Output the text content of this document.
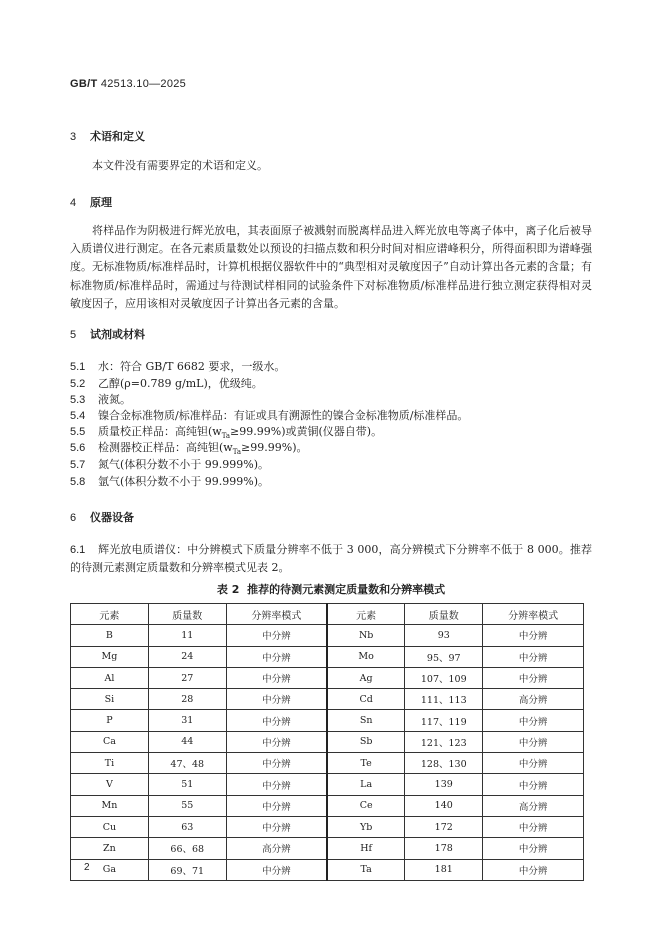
GB/T 42513.10—2025
3 术语和定义
本文件没有需要界定的术语和定义。
4 原理
将样品作为阴极进行辉光放电，其表面原子被溅射而脱离样品进入辉光放电等离子体中，离子化后被导入质谱仪进行测定。在各元素质量数处以预设的扫描点数和积分时间对相应谱峰积分，所得面积即为谱峰强度。无标准物质/标准样品时，计算机根据仪器软件中的“典型相对灵敏度因子”自动计算出各元素的含量；有标准物质/标准样品时，需通过与待测试样相同的试验条件下对标准物质/标准样品进行独立测定获得相对灵敏度因子，应用该相对灵敏度因子计算出各元素的含量。
5 试剂或材料
5.1 水：符合 GB/T 6682 要求，一级水。
5.2 乙醇(ρ=0.789 g/mL)，优级纯。
5.3 液氮。
5.4 镍合金标准物质/标准样品：有证或具有溯源性的镍合金标准物质/标准样品。
5.5 质量校正样品：高纯钽$(w_{Ta}\ge 99.99\%)$或黄铜(仪器自带)。
5.6 检测器校正样品：高纯钽$(w_{Ta}\ge 99.99\%)$。
5.7 氮气(体积分数不小于 99.999%)。
5.8 氩气(体积分数不小于 99.999%)。
6 仪器设备
6.1 辉光放电质谱仪：中分辨模式下质量分辨率不低于 3 000，高分辨模式下分辨率不低于 8 000。推荐的待测元素测定质量数和分辨率模式见表 2。
表 2 推荐的待测元素测定质量数和分辨率模式
元素	质量数	分辨率模式	元素	质量数	分辨率模式
B	11	中分辨	Nb	93	中分辨
Mg	24	中分辨	Mo	95、97	中分辨
Al	27	中分辨	Ag	107、109	中分辨
Si	28	中分辨	Cd	111、113	高分辨
P	31	中分辨	Sn	117、119	中分辨
Ca	44	中分辨	Sb	121、123	中分辨
Ti	47、48	中分辨	Te	128、130	中分辨
V	51	中分辨	La	139	中分辨
Mn	55	中分辨	Ce	140	高分辨
Cu	63	中分辨	Yb	172	中分辨
Zn	66、68	高分辨	Hf	178	中分辨
Ga	69、71	中分辨	Ta	181	中分辨
2
